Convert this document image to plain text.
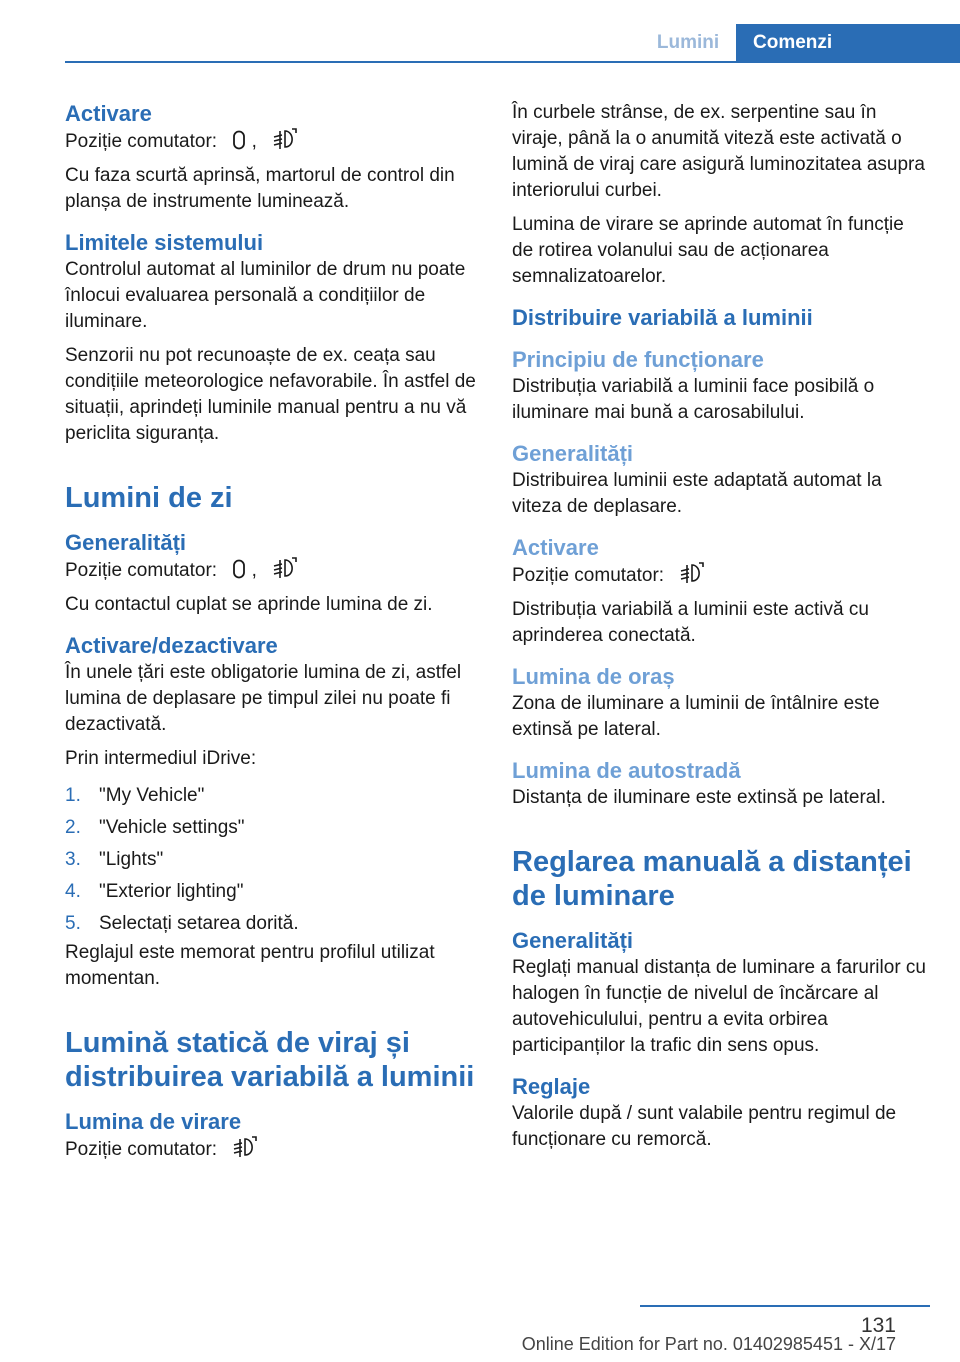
Lumini	Comenzi
Activare

Poziție comutator: ,

Cu faza scurtă aprinsă, martorul de control din planșa de instrumente luminează.

Limitele sistemului

Controlul automat al luminilor de drum nu poate înlocui evaluarea personală a condițiilor de iluminare.

Senzorii nu pot recunoaște de ex. ceața sau condițiile meteorologice nefavorabile. În astfel de situații, aprindeți luminile manual pentru a nu vă periclita siguranța.

Lumini de zi
Generalități

Poziție comutator: ,

Cu contactul cuplat se aprinde lumina de zi.

Activare/dezactivare

În unele țări este obligatorie lumina de zi, astfel lumina de deplasare pe timpul zilei nu poate fi dezactivată.

Prin intermediul iDrive:

1. "My Vehicle"
2. "Vehicle settings"
3. "Lights"
4. "Exterior lighting"
5. Selectați setarea dorită.

Reglajul este memorat pentru profilul utilizat momentan.

Lumină statică de viraj și distribuirea variabilă a luminii
Lumina de virare

Poziție comutator:

În curbele strânse, de ex. serpentine sau în viraje, până la o anumită viteză este activată o lumină de viraj care asigură luminozitatea asupra interiorului curbei.

Lumina de virare se aprinde automat în funcție de rotirea volanului sau de acționarea semnalizatoarelor.

Distribuire variabilă a luminii
Principiu de funcționare

Distribuția variabilă a luminii face posibilă o iluminare mai bună a carosabilului.

Generalități

Distribuirea luminii este adaptată automat la viteza de deplasare.

Activare

Poziție comutator:

Distribuția variabilă a luminii este activă cu aprinderea conectată.

Lumina de oraș

Zona de iluminare a luminii de întâlnire este extinsă pe lateral.

Lumina de autostradă

Distanța de iluminare este extinsă pe lateral.

Reglarea manuală a distanței de luminare
Generalități

Reglați manual distanța de luminare a farurilor cu halogen în funcție de nivelul de încărcare al autovehiculului, pentru a evita orbirea participanților la trafic din sens opus.

Reglaje

Valorile după / sunt valabile pentru regimul de funcționare cu remorcă.

131
Online Edition for Part no. 01402985451 - X/17
